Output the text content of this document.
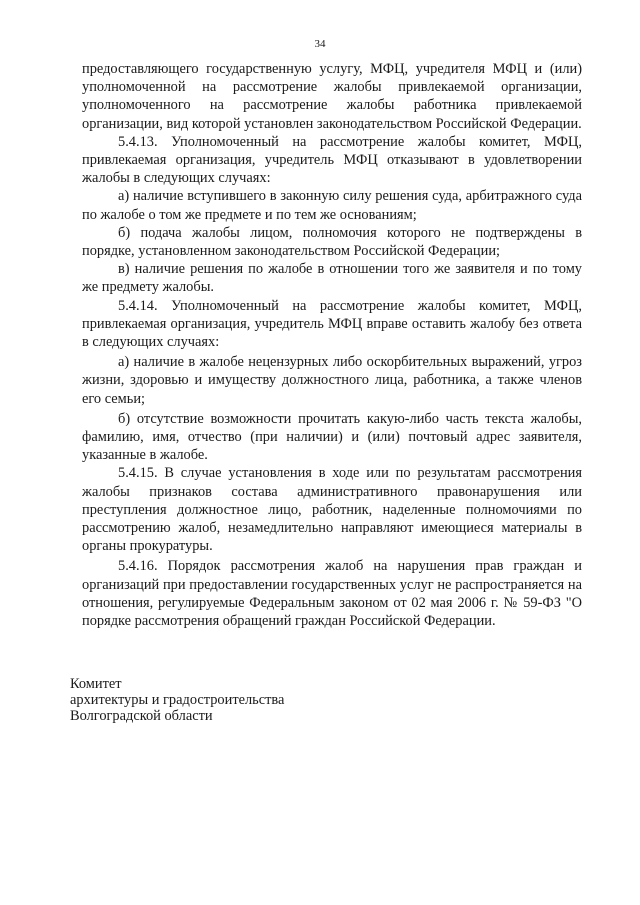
34

предоставляющего государственную услугу, МФЦ, учредителя МФЦ и (или) уполномоченной на рассмотрение жалобы привлекаемой организации, уполномоченного на рассмотрение жалобы работника привлекаемой организации, вид которой установлен законодательством Российской Федерации.

5.4.13. Уполномоченный на рассмотрение жалобы комитет, МФЦ, привлекаемая организация, учредитель МФЦ отказывают в удовлетворении жалобы в следующих случаях:

а) наличие вступившего в законную силу решения суда, арбитражного суда по жалобе о том же предмете и по тем же основаниям;

б) подача жалобы лицом, полномочия которого не подтверждены в порядке, установленном законодательством Российской Федерации;

в) наличие решения по жалобе в отношении того же заявителя и по тому же предмету жалобы.

5.4.14. Уполномоченный на рассмотрение жалобы комитет, МФЦ, привлекаемая организация, учредитель МФЦ вправе оставить жалобу без ответа в следующих случаях:

а) наличие в жалобе нецензурных либо оскорбительных выражений, угроз жизни, здоровью и имуществу должностного лица, работника, а также членов его семьи;

б) отсутствие возможности прочитать какую-либо часть текста жалобы, фамилию, имя, отчество (при наличии) и (или) почтовый адрес заявителя, указанные в жалобе.

5.4.15. В случае установления в ходе или по результатам рассмотрения жалобы признаков состава административного правонарушения или преступления должностное лицо, работник, наделенные полномочиями по рассмотрению жалоб, незамедлительно направляют имеющиеся материалы в органы прокуратуры.

5.4.16. Порядок рассмотрения жалоб на нарушения прав граждан и организаций при предоставлении государственных услуг не распространяется на отношения, регулируемые Федеральным законом от 02 мая 2006 г. № 59-ФЗ "О порядке рассмотрения обращений граждан Российской Федерации.

Комитет
архитектуры и градостроительства
Волгоградской области
